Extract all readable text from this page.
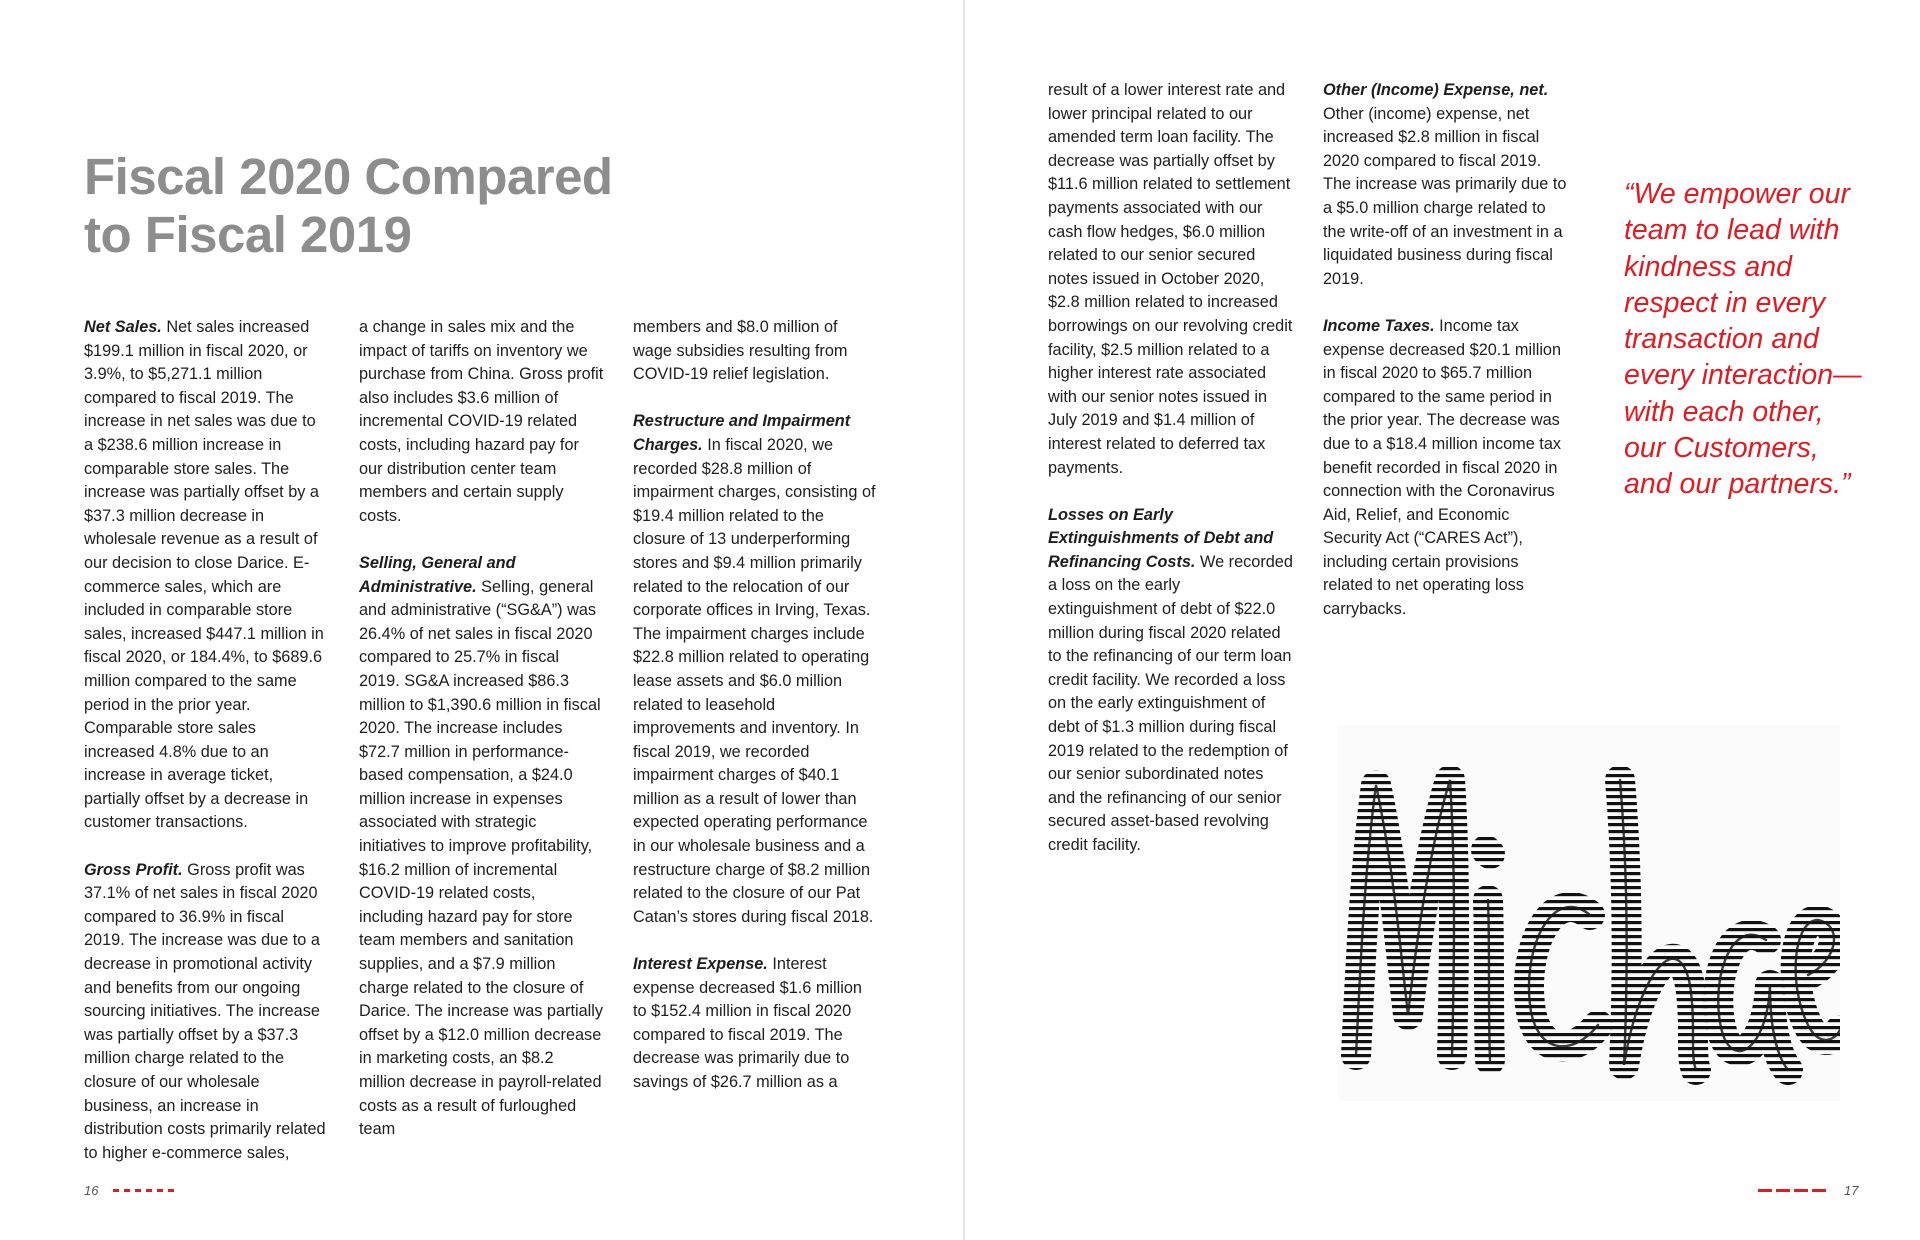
Fiscal 2020 Compared
to Fiscal 2019

Net Sales. Net sales increased $199.1 million in fiscal 2020, or 3.9%, to $5,271.1 million compared to fiscal 2019. The increase in net sales was due to a $238.6 million increase in comparable store sales. The increase was partially offset by a $37.3 million decrease in wholesale revenue as a result of our decision to close Darice. E-commerce sales, which are included in comparable store sales, increased $447.1 million in fiscal 2020, or 184.4%, to $689.6 million compared to the same period in the prior year. Comparable store sales increased 4.8% due to an increase in average ticket, partially offset by a decrease in customer transactions.

Gross Profit. Gross profit was 37.1% of net sales in fiscal 2020 compared to 36.9% in fiscal 2019. The increase was due to a decrease in promotional activity and benefits from our ongoing sourcing initiatives. The increase was partially offset by a $37.3 million charge related to the closure of our wholesale business, an increase in distribution costs primarily related to higher e-commerce sales,

a change in sales mix and the impact of tariffs on inventory we purchase from China. Gross profit also includes $3.6 million of incremental COVID-19 related costs, including hazard pay for our distribution center team members and certain supply costs.

Selling, General and Administrative. Selling, general and administrative (“SG&A”) was 26.4% of net sales in fiscal 2020 compared to 25.7% in fiscal 2019. SG&A increased $86.3 million to $1,390.6 million in fiscal 2020. The increase includes $72.7 million in performance-based compensation, a $24.0 million increase in expenses associated with strategic initiatives to improve profitability, $16.2 million of incremental COVID-19 related costs, including hazard pay for store team members and sanitation supplies, and a $7.9 million charge related to the closure of Darice. The increase was partially offset by a $12.0 million decrease in marketing costs, an $8.2 million decrease in payroll-related costs as a result of furloughed team

members and $8.0 million of wage subsidies resulting from COVID-19 relief legislation.

Restructure and Impairment Charges. In fiscal 2020, we recorded $28.8 million of impairment charges, consisting of $19.4 million related to the closure of 13 underperforming stores and $9.4 million primarily related to the relocation of our corporate offices in Irving, Texas. The impairment charges include $22.8 million related to operating lease assets and $6.0 million related to leasehold improvements and inventory. In fiscal 2019, we recorded impairment charges of $40.1 million as a result of lower than expected operating performance in our wholesale business and a restructure charge of $8.2 million related to the closure of our Pat Catan’s stores during fiscal 2018.

Interest Expense. Interest expense decreased $1.6 million to $152.4 million in fiscal 2020 compared to fiscal 2019. The decrease was primarily due to savings of $26.7 million as a

16

result of a lower interest rate and lower principal related to our amended term loan facility. The decrease was partially offset by $11.6 million related to settlement payments associated with our cash flow hedges, $6.0 million related to our senior secured notes issued in October 2020, $2.8 million related to increased borrowings on our revolving credit facility, $2.5 million related to a higher interest rate associated with our senior notes issued in July 2019 and $1.4 million of interest related to deferred tax payments.

Losses on Early Extinguishments of Debt and Refinancing Costs. We recorded a loss on the early extinguishment of debt of $22.0 million during fiscal 2020 related to the refinancing of our term loan credit facility. We recorded a loss on the early extinguishment of debt of $1.3 million during fiscal 2019 related to the redemption of our senior subordinated notes and the refinancing of our senior secured asset-based revolving credit facility.

Other (Income) Expense, net. Other (income) expense, net increased $2.8 million in fiscal 2020 compared to fiscal 2019. The increase was primarily due to a $5.0 million charge related to the write-off of an investment in a liquidated business during fiscal 2019.

Income Taxes. Income tax expense decreased $20.1 million in fiscal 2020 to $65.7 million compared to the same period in the prior year. The decrease was due to a $18.4 million income tax benefit recorded in fiscal 2020 in connection with the Coronavirus Aid, Relief, and Economic Security Act (“CARES Act”), including certain provisions related to net operating loss carrybacks.

“We empower our team to lead with kindness and respect in every transaction and every interaction—with each other, our Customers, and our partners.”

17
